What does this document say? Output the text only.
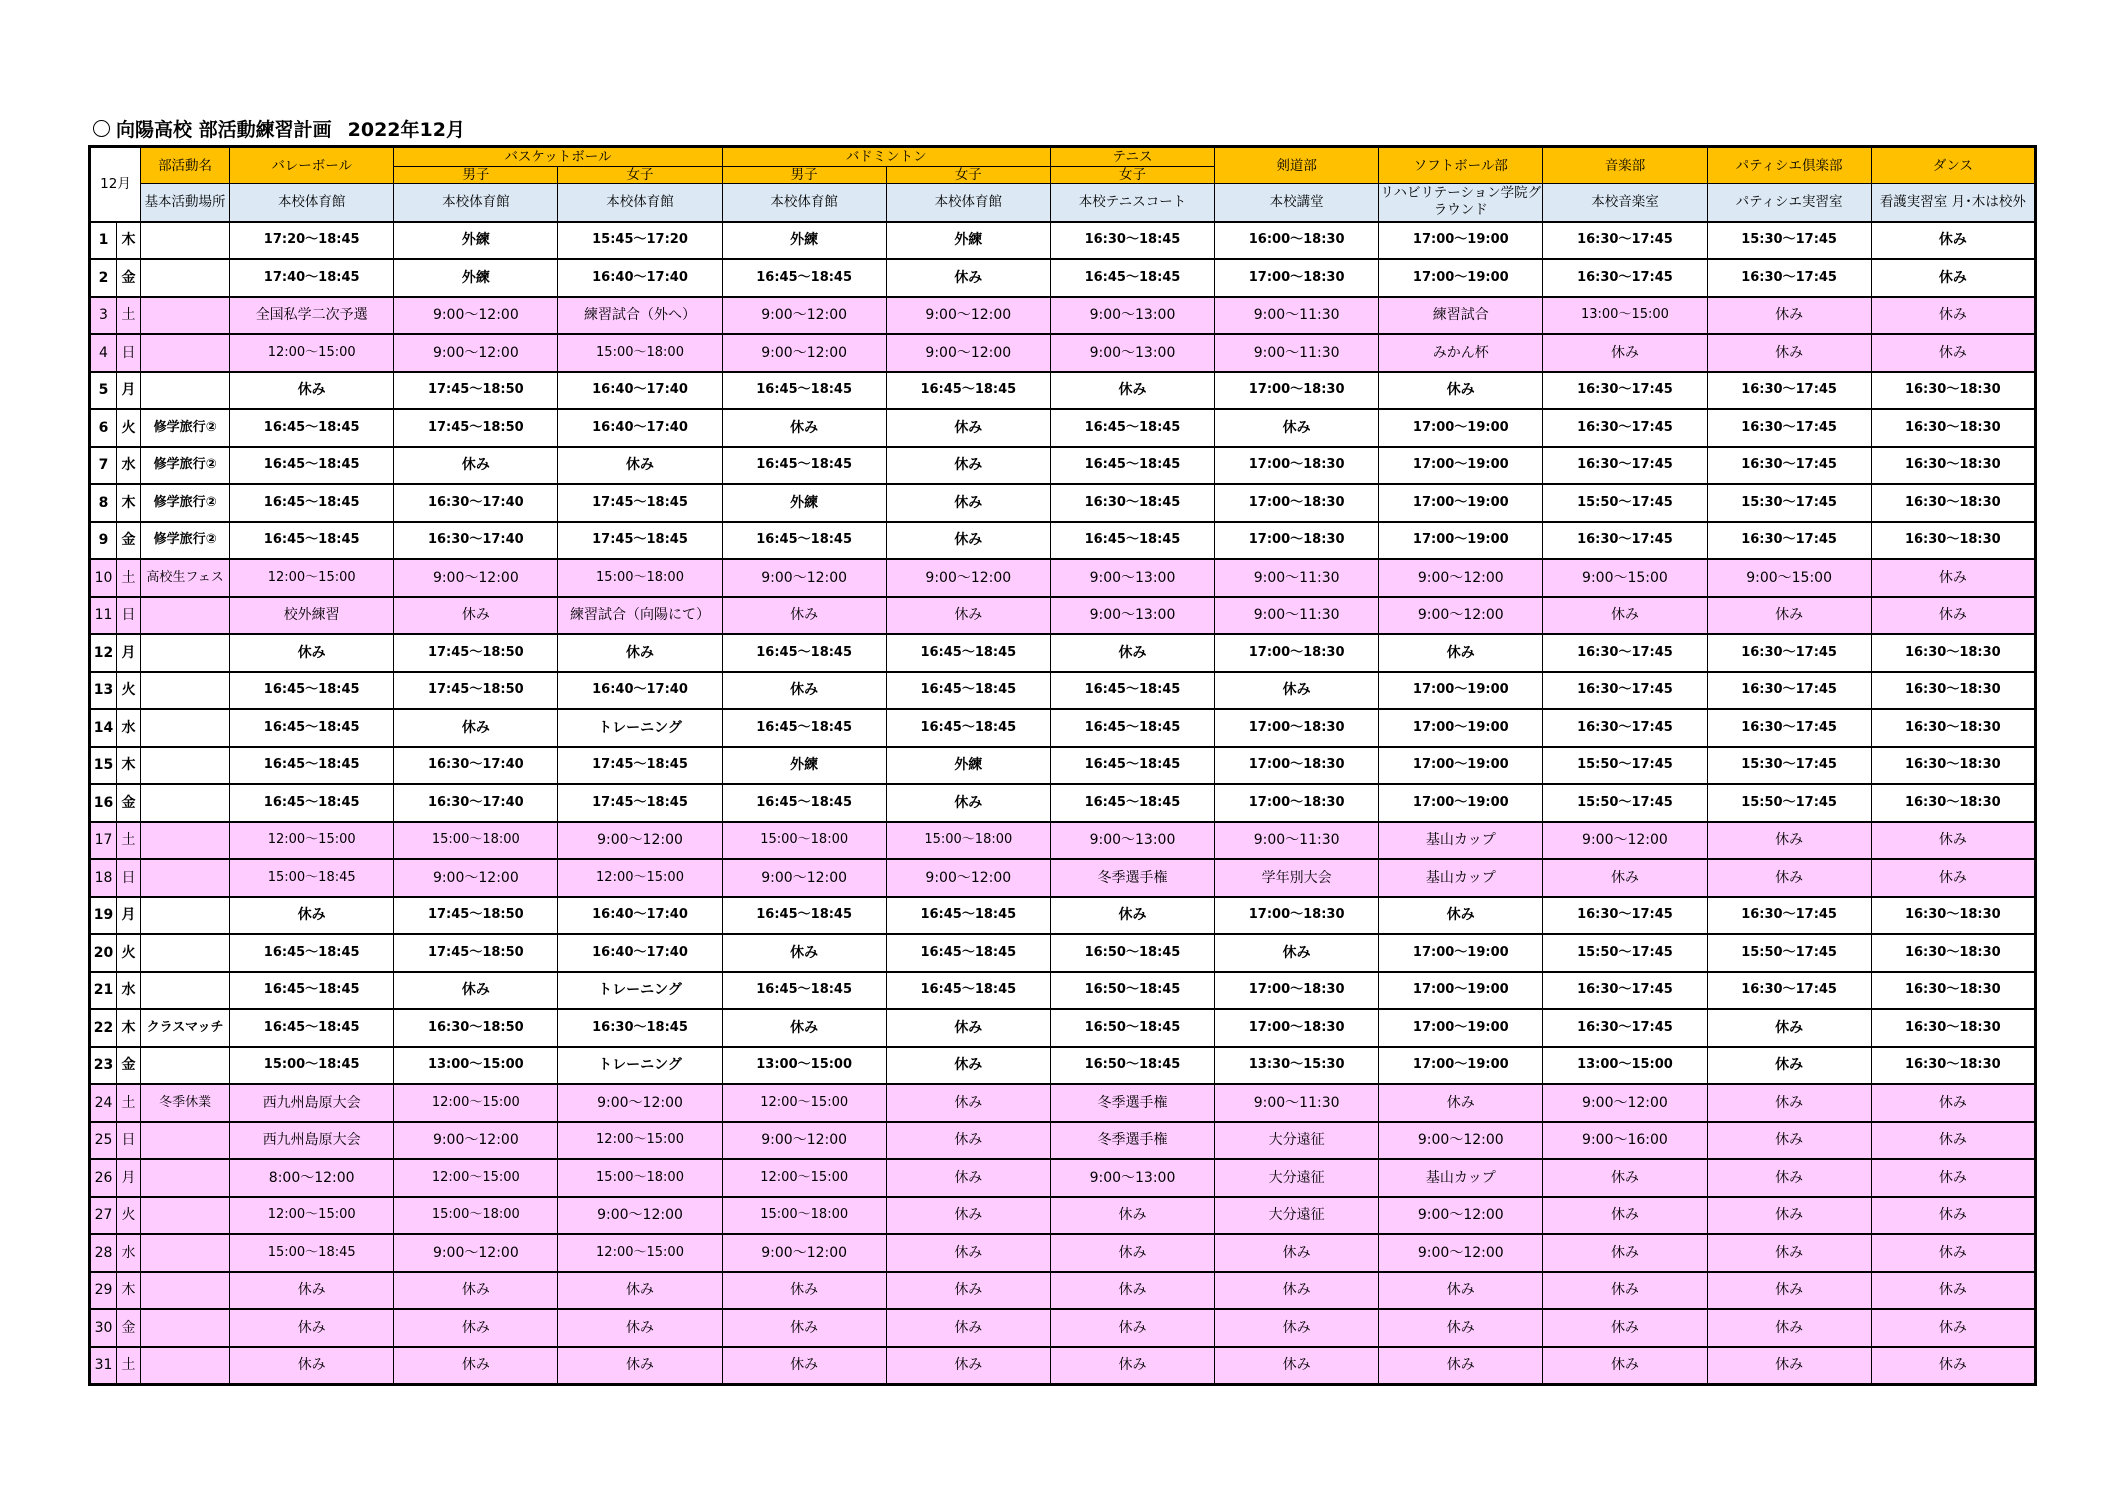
向陽高校 部活動練習計画 2022年12月
12月		部活動名	バレーボール	バスケットボール		バドミントン		テニス	剣道部	ソフトボール部	音楽部	パティシエ倶楽部	ダンス
				男子	女子	男子	女子	女子					
		基本活動場所	本校体育館	本校体育館	本校体育館	本校体育館	本校体育館	本校テニスコート	本校講堂	リハビリテーション学院グラウンド	本校音楽室	パティシエ実習室	看護実習室 月･木は校外
1	木		17:20～18:45	外練	15:45～17:20	外練	外練	16:30～18:45	16:00～18:30	17:00～19:00	16:30～17:45	15:30～17:45	休み
2	金		17:40～18:45	外練	16:40～17:40	16:45～18:45	休み	16:45～18:45	17:00～18:30	17:00～19:00	16:30～17:45	16:30～17:45	休み
3	土		全国私学二次予選	9:00～12:00	練習試合（外へ）	9:00～12:00	9:00～12:00	9:00～13:00	9:00～11:30	練習試合	13:00～15:00	休み	休み
4	日		12:00～15:00	9:00～12:00	15:00～18:00	9:00～12:00	9:00～12:00	9:00～13:00	9:00～11:30	みかん杯	休み	休み	休み
5	月		休み	17:45～18:50	16:40～17:40	16:45～18:45	16:45～18:45	休み	17:00～18:30	休み	16:30～17:45	16:30～17:45	16:30～18:30
6	火	修学旅行②	16:45～18:45	17:45～18:50	16:40～17:40	休み	休み	16:45～18:45	休み	17:00～19:00	16:30～17:45	16:30～17:45	16:30～18:30
7	水	修学旅行②	16:45～18:45	休み	休み	16:45～18:45	休み	16:45～18:45	17:00～18:30	17:00～19:00	16:30～17:45	16:30～17:45	16:30～18:30
8	木	修学旅行②	16:45～18:45	16:30～17:40	17:45～18:45	外練	休み	16:30～18:45	17:00～18:30	17:00～19:00	15:50～17:45	15:30～17:45	16:30～18:30
9	金	修学旅行②	16:45～18:45	16:30～17:40	17:45～18:45	16:45～18:45	休み	16:45～18:45	17:00～18:30	17:00～19:00	16:30～17:45	16:30～17:45	16:30～18:30
10	土	高校生フェス	12:00～15:00	9:00～12:00	15:00～18:00	9:00～12:00	9:00～12:00	9:00～13:00	9:00～11:30	9:00～12:00	9:00～15:00	9:00～15:00	休み
11	日		校外練習	休み	練習試合（向陽にて）	休み	休み	9:00～13:00	9:00～11:30	9:00～12:00	休み	休み	休み
12	月		休み	17:45～18:50	休み	16:45～18:45	16:45～18:45	休み	17:00～18:30	休み	16:30～17:45	16:30～17:45	16:30～18:30
13	火		16:45～18:45	17:45～18:50	16:40～17:40	休み	16:45～18:45	16:45～18:45	休み	17:00～19:00	16:30～17:45	16:30～17:45	16:30～18:30
14	水		16:45～18:45	休み	トレーニング	16:45～18:45	16:45～18:45	16:45～18:45	17:00～18:30	17:00～19:00	16:30～17:45	16:30～17:45	16:30～18:30
15	木		16:45～18:45	16:30～17:40	17:45～18:45	外練	外練	16:45～18:45	17:00～18:30	17:00～19:00	15:50～17:45	15:30～17:45	16:30～18:30
16	金		16:45～18:45	16:30～17:40	17:45～18:45	16:45～18:45	休み	16:45～18:45	17:00～18:30	17:00～19:00	15:50～17:45	15:50～17:45	16:30～18:30
17	土		12:00～15:00	15:00～18:00	9:00～12:00	15:00～18:00	15:00～18:00	9:00～13:00	9:00～11:30	基山カップ	9:00～12:00	休み	休み
18	日		15:00～18:45	9:00～12:00	12:00～15:00	9:00～12:00	9:00～12:00	冬季選手権	学年別大会	基山カップ	休み	休み	休み
19	月		休み	17:45～18:50	16:40～17:40	16:45～18:45	16:45～18:45	休み	17:00～18:30	休み	16:30～17:45	16:30～17:45	16:30～18:30
20	火		16:45～18:45	17:45～18:50	16:40～17:40	休み	16:45～18:45	16:50～18:45	休み	17:00～19:00	15:50～17:45	15:50～17:45	16:30～18:30
21	水		16:45～18:45	休み	トレーニング	16:45～18:45	16:45～18:45	16:50～18:45	17:00～18:30	17:00～19:00	16:30～17:45	16:30～17:45	16:30～18:30
22	木	クラスマッチ	16:45～18:45	16:30～18:50	16:30～18:45	休み	休み	16:50～18:45	17:00～18:30	17:00～19:00	16:30～17:45	休み	16:30～18:30
23	金		15:00～18:45	13:00～15:00	トレーニング	13:00～15:00	休み	16:50～18:45	13:30～15:30	17:00～19:00	13:00～15:00	休み	16:30～18:30
24	土	冬季休業	西九州島原大会	12:00～15:00	9:00～12:00	12:00～15:00	休み	冬季選手権	9:00～11:30	休み	9:00～12:00	休み	休み
25	日		西九州島原大会	9:00～12:00	12:00～15:00	9:00～12:00	休み	冬季選手権	大分遠征	9:00～12:00	9:00～16:00	休み	休み
26	月		8:00～12:00	12:00～15:00	15:00～18:00	12:00～15:00	休み	9:00～13:00	大分遠征	基山カップ	休み	休み	休み
27	火		12:00～15:00	15:00～18:00	9:00～12:00	15:00～18:00	休み	休み	大分遠征	9:00～12:00	休み	休み	休み
28	水		15:00～18:45	9:00～12:00	12:00～15:00	9:00～12:00	休み	休み	休み	9:00～12:00	休み	休み	休み
29	木		休み	休み	休み	休み	休み	休み	休み	休み	休み	休み	休み
30	金		休み	休み	休み	休み	休み	休み	休み	休み	休み	休み	休み
31	土		休み	休み	休み	休み	休み	休み	休み	休み	休み	休み	休み
